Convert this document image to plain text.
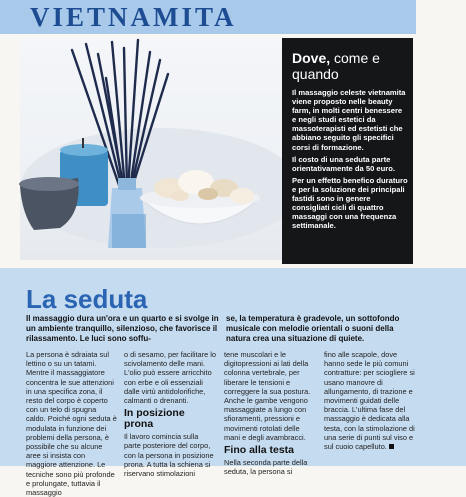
VIETNAMITA
Dove, come e quando

Il massaggio celeste vietnamita viene proposto nelle beauty farm, in molti centri benessere e negli studi estetici da massoterapisti ed estetisti che abbiano seguito gli specifici corsi di formazione.

Il costo di una seduta parte orientativamente da 50 euro.

Per un effetto benefico duraturo e per la soluzione dei principali fastidi sono in genere consigliati cicli di quattro massaggi con una frequenza settimanale.

La seduta
Il massaggio dura un'ora e un quarto e si svolge in un ambiente tranquillo, silenzioso, che favorisce il rilassamento. Le luci sono soffu-
se, la temperatura è gradevole, un sottofondo musicale con melodie orientali o suoni della natura crea una situazione di quiete.

La persona è sdraiata sul lettino o su un tatami. Mentre il massaggiatore concentra le sue attenzioni in una specifica zona, il resto del corpo è coperto con un telo di spugna caldo. Poiché ogni seduta è modulata in funzione dei problemi della persona, è possibile che su alcune aree si insista con maggiore attenzione. Le tecniche sono più profonde e prolungate, tuttavia il massaggio

o di sesamo, per facilitare lo scivolamento delle mani. L'olio può essere arricchito con erbe e oli essenziali dalle virtù antidolorifiche, calmanti o drenanti.

In posizione prona

Il lavoro comincia sulla parte posteriore del corpo, con la persona in posizione prona. A tutta la schiena si riservano stimolazioni

tene muscolari e le digitopressioni ai lati della colonna vertebrale, per liberare le tensioni e correggere la sua postura. Anche le gambe vengono massaggiate a lungo con sfioramenti, pressioni e movimenti rotolati delle mani e degli avambracci.

Fino alla testa

Nella seconda parte della seduta, la persona si

fino alle scapole, dove hanno sede le più comuni contratture: per sciogliere si usano manovre di allungamento, di trazione e movimenti guidati delle braccia. L'ultima fase del massaggio è dedicata alla testa, con la stimolazione di una serie di punti sul viso e sul cuoio capelluto.
